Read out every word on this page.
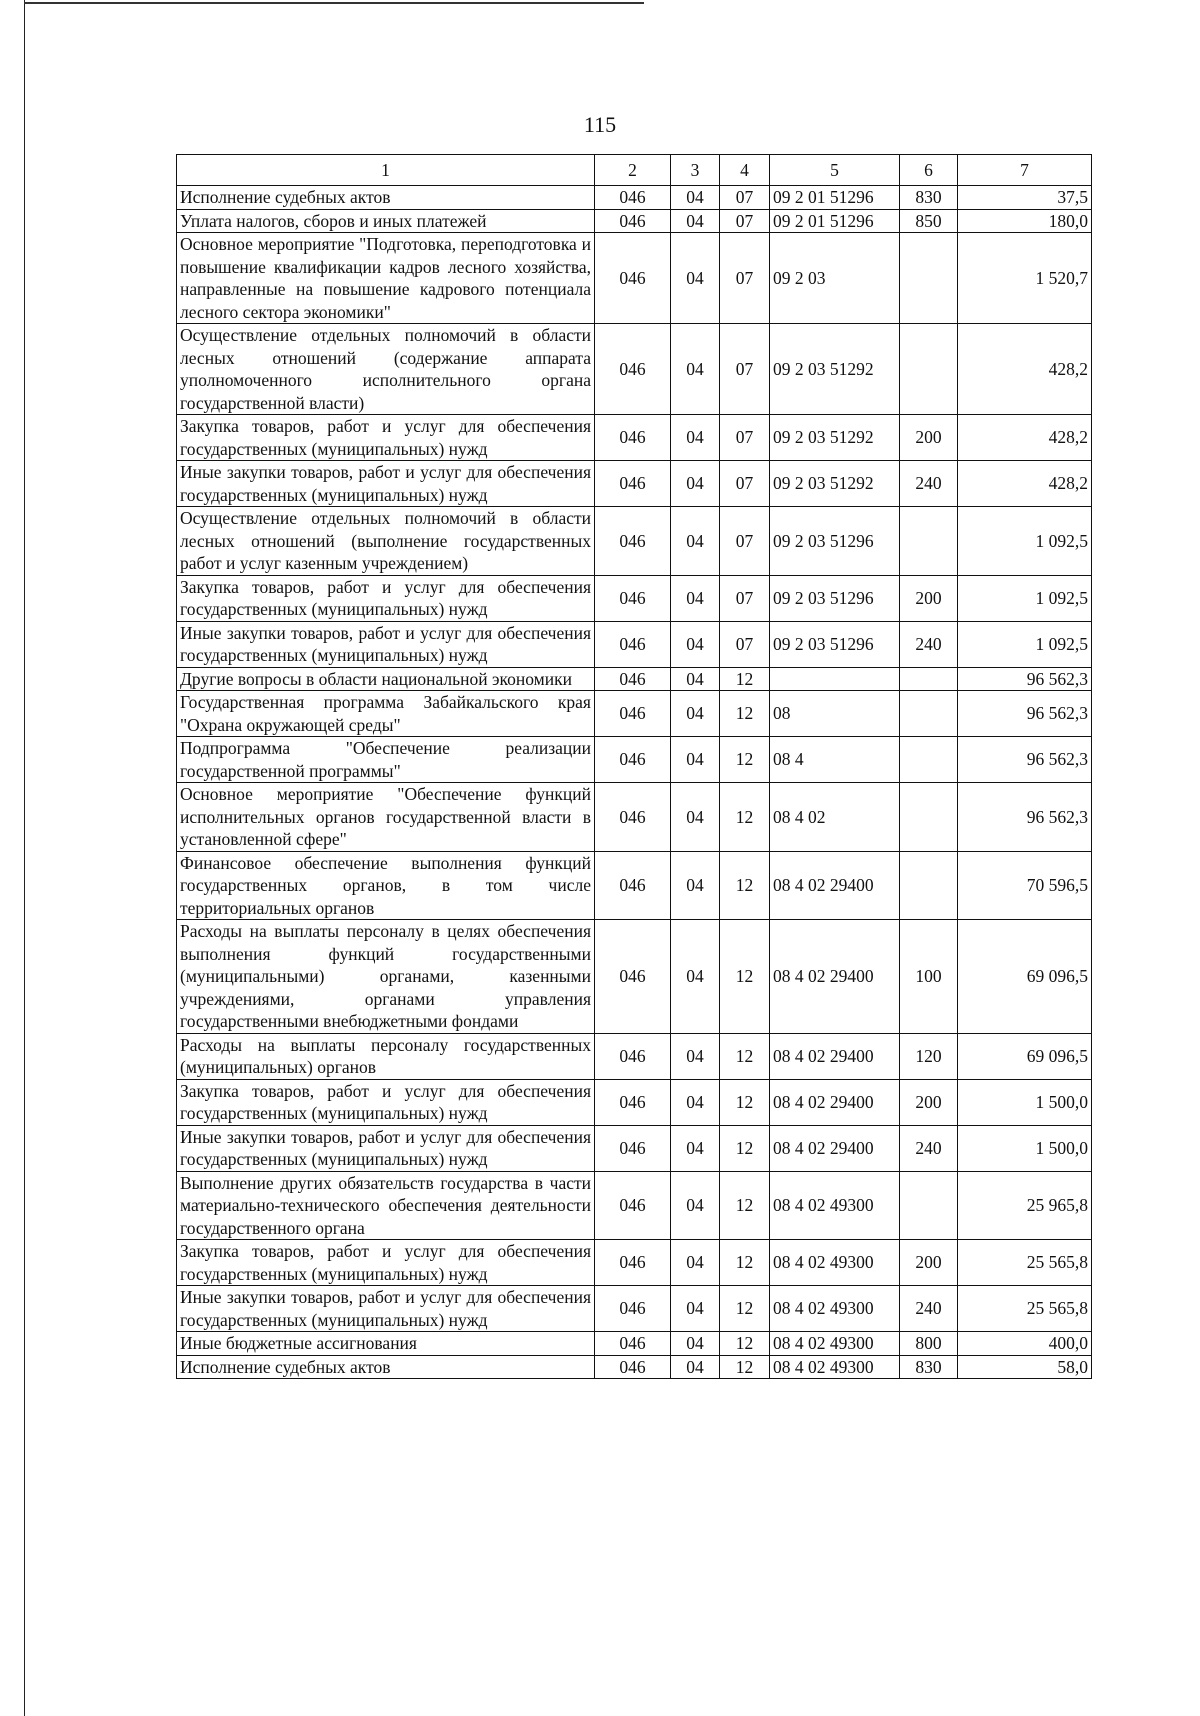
115
1	2	3	4	5	6	7
Исполнение судебных актов	046	04	07	09 2 01 51296	830	37,5
Уплата налогов, сборов и иных платежей	046	04	07	09 2 01 51296	850	180,0
Основное мероприятие "Подготовка, переподготовка и повышение квалификации кадров лесного хозяйства, направленные на повышение кадрового потенциала лесного сектора экономики"	046	04	07	09 2 03		1 520,7
Осуществление отдельных полномочий в области лесных отношений (содержание аппарата уполномоченного исполнительного органа государственной власти)	046	04	07	09 2 03 51292		428,2
Закупка товаров, работ и услуг для обеспечения государственных (муниципальных) нужд	046	04	07	09 2 03 51292	200	428,2
Иные закупки товаров, работ и услуг для обеспечения государственных (муниципальных) нужд	046	04	07	09 2 03 51292	240	428,2
Осуществление отдельных полномочий в области лесных отношений (выполнение государственных работ и услуг казенным учреждением)	046	04	07	09 2 03 51296		1 092,5
Закупка товаров, работ и услуг для обеспечения государственных (муниципальных) нужд	046	04	07	09 2 03 51296	200	1 092,5
Иные закупки товаров, работ и услуг для обеспечения государственных (муниципальных) нужд	046	04	07	09 2 03 51296	240	1 092,5
Другие вопросы в области национальной экономики	046	04	12			96 562,3
Государственная программа Забайкальского края "Охрана окружающей среды"	046	04	12	08		96 562,3
Подпрограмма "Обеспечение реализации государственной программы"	046	04	12	08 4		96 562,3
Основное мероприятие "Обеспечение функций исполнительных органов государственной власти в установленной сфере"	046	04	12	08 4 02		96 562,3
Финансовое обеспечение выполнения функций государственных органов, в том числе территориальных органов	046	04	12	08 4 02 29400		70 596,5
Расходы на выплаты персоналу в целях обеспечения выполнения функций государственными (муниципальными) органами, казенными учреждениями, органами управления государственными внебюджетными фондами	046	04	12	08 4 02 29400	100	69 096,5
Расходы на выплаты персоналу государственных (муниципальных) органов	046	04	12	08 4 02 29400	120	69 096,5
Закупка товаров, работ и услуг для обеспечения государственных (муниципальных) нужд	046	04	12	08 4 02 29400	200	1 500,0
Иные закупки товаров, работ и услуг для обеспечения государственных (муниципальных) нужд	046	04	12	08 4 02 29400	240	1 500,0
Выполнение других обязательств государства в части материально-технического обеспечения деятельности государственного органа	046	04	12	08 4 02 49300		25 965,8
Закупка товаров, работ и услуг для обеспечения государственных (муниципальных) нужд	046	04	12	08 4 02 49300	200	25 565,8
Иные закупки товаров, работ и услуг для обеспечения государственных (муниципальных) нужд	046	04	12	08 4 02 49300	240	25 565,8
Иные бюджетные ассигнования	046	04	12	08 4 02 49300	800	400,0
Исполнение судебных актов	046	04	12	08 4 02 49300	830	58,0
